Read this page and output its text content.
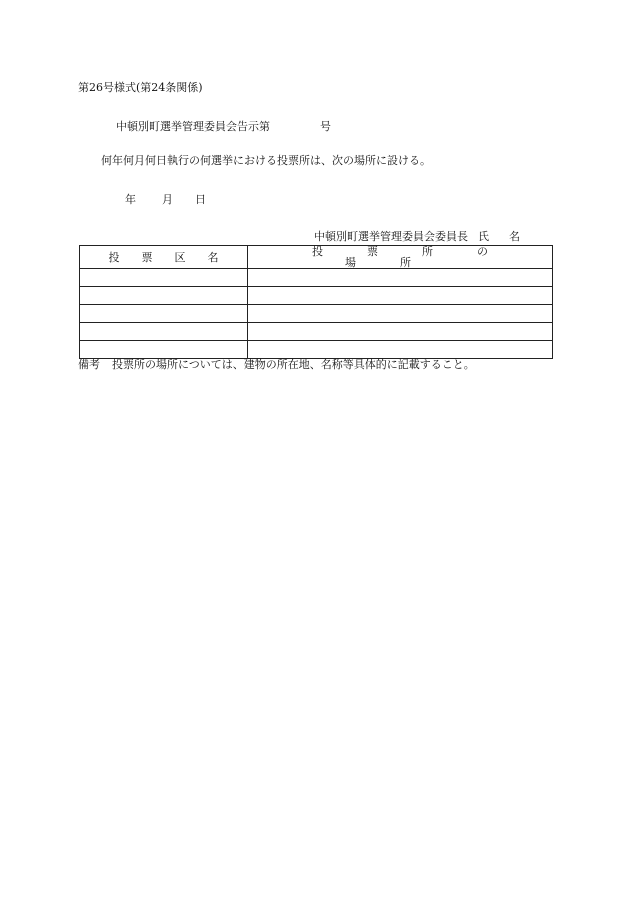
第26号様式(第24条関係)

中頓別町選挙管理委員会告示第	号

何年何月何日執行の何選挙における投票所は、次の場所に設ける。

年 月 日

中頓別町選挙管理委員会委員長 氏名

投票区名	投票所の場所

備考 投票所の場所については、建物の所在地、名称等具体的に記載すること。
